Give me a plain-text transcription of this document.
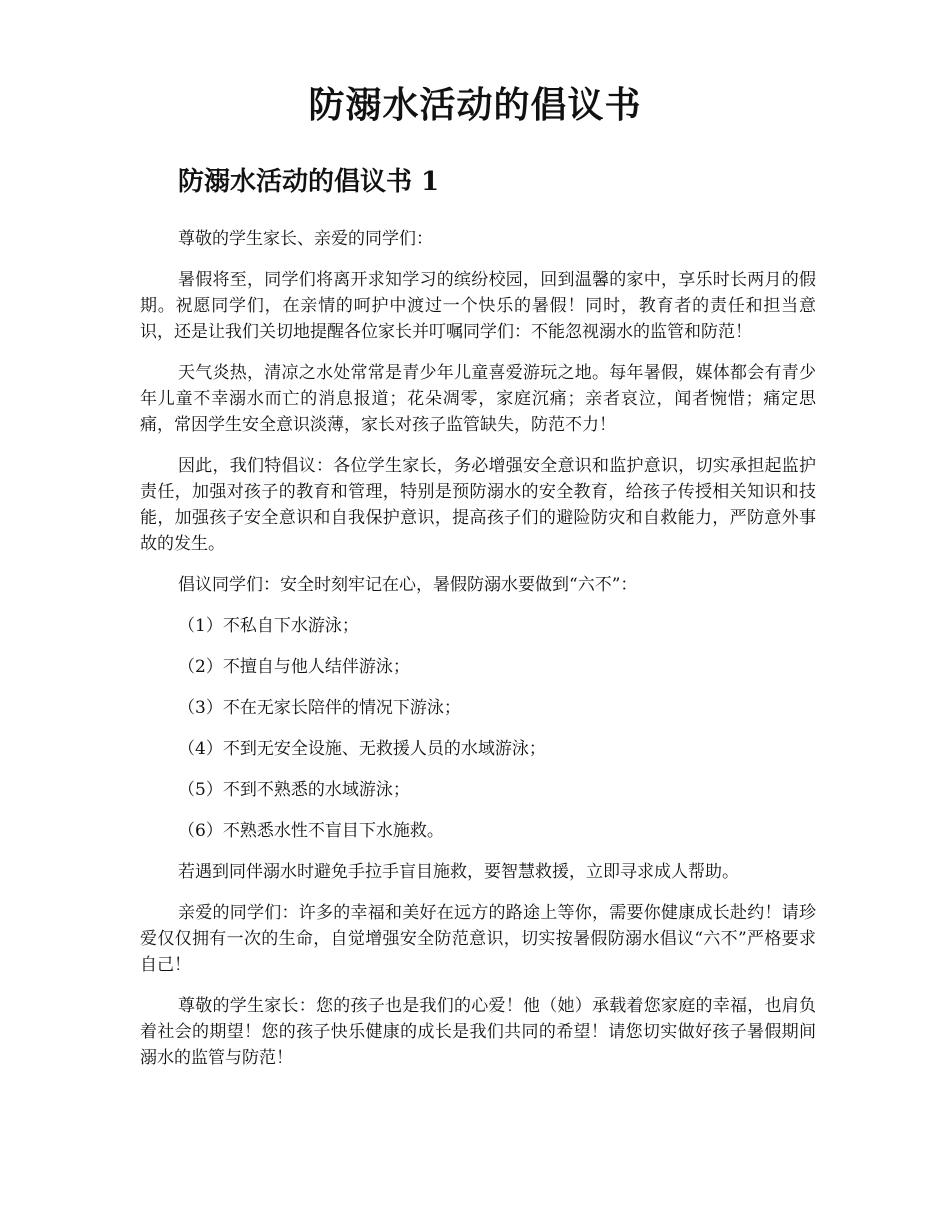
防溺水活动的倡议书
防溺水活动的倡议书 1

尊敬的学生家长、亲爱的同学们：

暑假将至，同学们将离开求知学习的缤纷校园，回到温馨的家中，享乐时长两月的假期。祝愿同学们，在亲情的呵护中渡过一个快乐的暑假！同时，教育者的责任和担当意识，还是让我们关切地提醒各位家长并叮嘱同学们：不能忽视溺水的监管和防范！

天气炎热，清凉之水处常常是青少年儿童喜爱游玩之地。每年暑假，媒体都会有青少年儿童不幸溺水而亡的消息报道；花朵凋零，家庭沉痛；亲者哀泣，闻者惋惜；痛定思痛，常因学生安全意识淡薄，家长对孩子监管缺失，防范不力！

因此，我们特倡议：各位学生家长，务必增强安全意识和监护意识，切实承担起监护责任，加强对孩子的教育和管理，特别是预防溺水的安全教育，给孩子传授相关知识和技能，加强孩子安全意识和自我保护意识，提高孩子们的避险防灾和自救能力，严防意外事故的发生。

倡议同学们：安全时刻牢记在心，暑假防溺水要做到“六不”：

（1）不私自下水游泳；

（2）不擅自与他人结伴游泳；

（3）不在无家长陪伴的情况下游泳；

（4）不到无安全设施、无救援人员的水域游泳；

（5）不到不熟悉的水域游泳；

（6）不熟悉水性不盲目下水施救。

若遇到同伴溺水时避免手拉手盲目施救，要智慧救援，立即寻求成人帮助。

亲爱的同学们：许多的幸福和美好在远方的路途上等你，需要你健康成长赴约！请珍爱仅仅拥有一次的生命，自觉增强安全防范意识，切实按暑假防溺水倡议“六不”严格要求自己！

尊敬的学生家长：您的孩子也是我们的心爱！他（她）承载着您家庭的幸福，也肩负着社会的期望！您的孩子快乐健康的成长是我们共同的希望！请您切实做好孩子暑假期间溺水的监管与防范！
